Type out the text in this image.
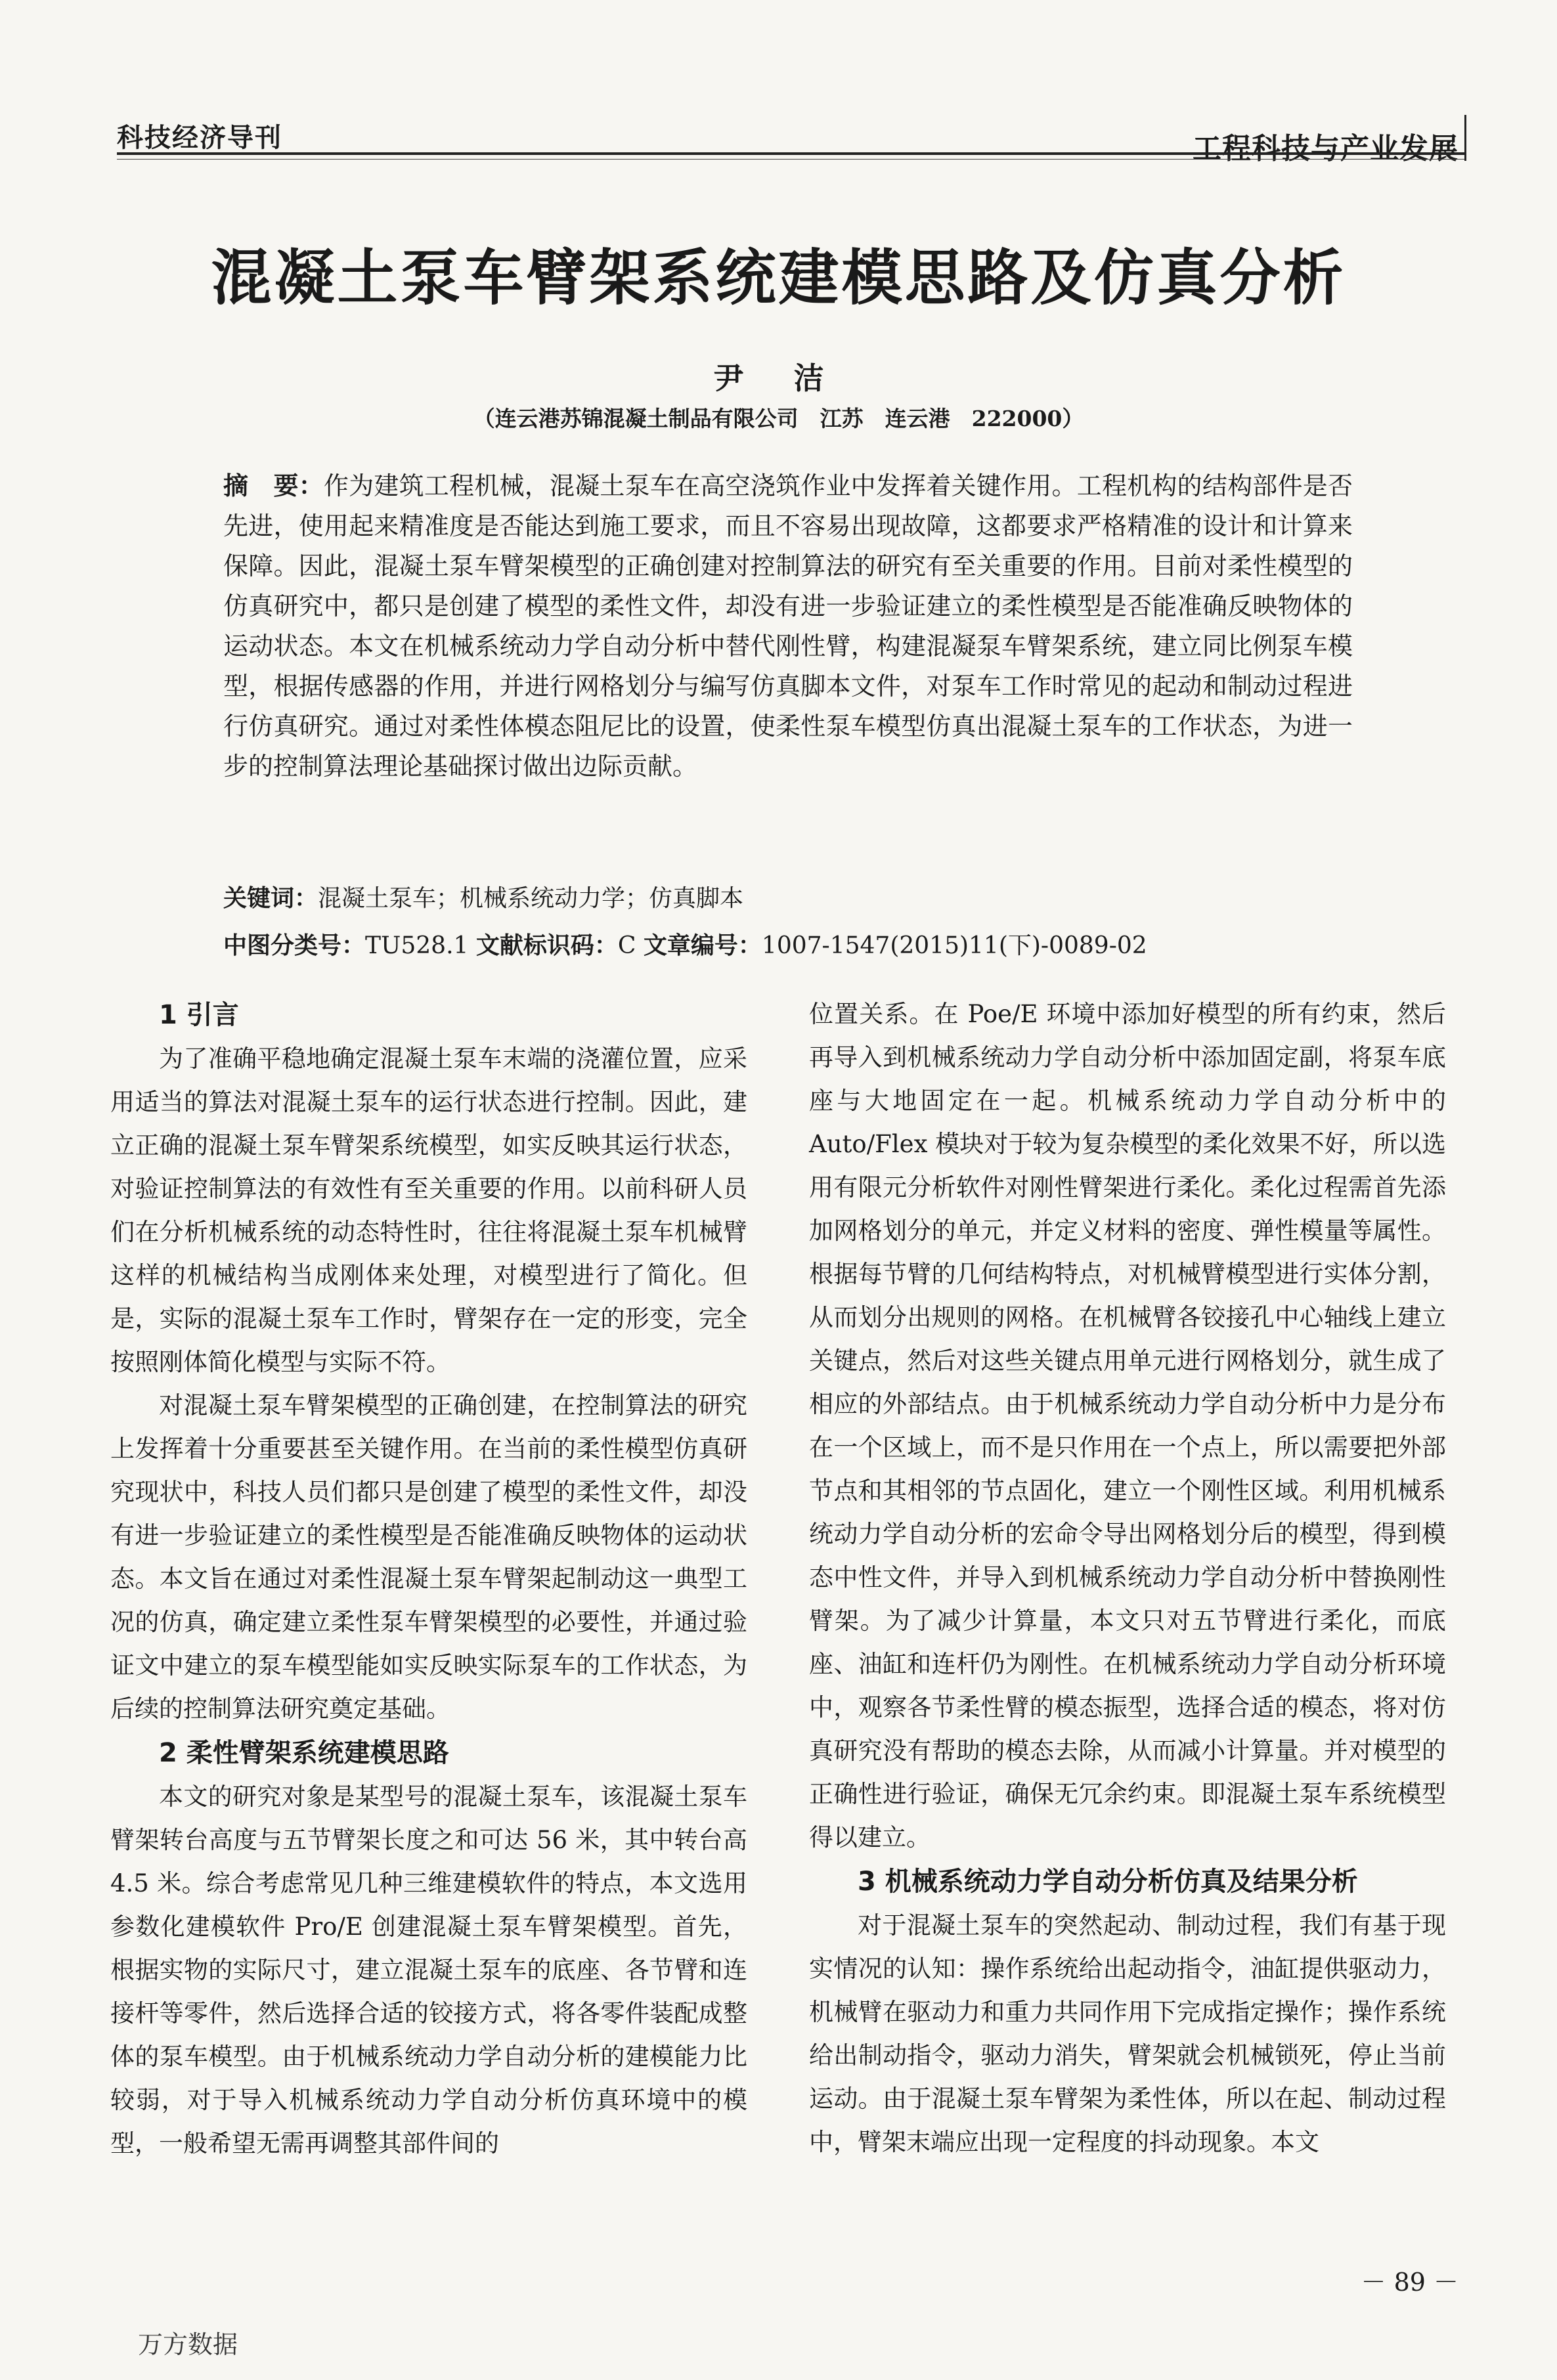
科技经济导刊	工程科技与产业发展
混凝土泵车臂架系统建模思路及仿真分析
尹 洁
（连云港苏锦混凝土制品有限公司　江苏　连云港　222000）
摘　要：作为建筑工程机械，混凝土泵车在高空浇筑作业中发挥着关键作用。工程机构的结构部件是否先进，使用起来精准度是否能达到施工要求，而且不容易出现故障，这都要求严格精准的设计和计算来保障。因此，混凝土泵车臂架模型的正确创建对控制算法的研究有至关重要的作用。目前对柔性模型的仿真研究中，都只是创建了模型的柔性文件，却没有进一步验证建立的柔性模型是否能准确反映物体的运动状态。本文在机械系统动力学自动分析中替代刚性臂，构建混凝泵车臂架系统，建立同比例泵车模型，根据传感器的作用，并进行网格划分与编写仿真脚本文件，对泵车工作时常见的起动和制动过程进行仿真研究。通过对柔性体模态阻尼比的设置，使柔性泵车模型仿真出混凝土泵车的工作状态，为进一步的控制算法理论基础探讨做出边际贡献。
关键词：混凝土泵车；机械系统动力学；仿真脚本
中图分类号：TU528.1 文献标识码：C 文章编号：1007-1547(2015)11(下)-0089-02
1 引言

为了准确平稳地确定混凝土泵车末端的浇灌位置，应采用适当的算法对混凝土泵车的运行状态进行控制。因此，建立正确的混凝土泵车臂架系统模型，如实反映其运行状态，对验证控制算法的有效性有至关重要的作用。以前科研人员们在分析机械系统的动态特性时，往往将混凝土泵车机械臂这样的机械结构当成刚体来处理，对模型进行了简化。但是，实际的混凝土泵车工作时，臂架存在一定的形变，完全按照刚体简化模型与实际不符。

对混凝土泵车臂架模型的正确创建，在控制算法的研究上发挥着十分重要甚至关键作用。在当前的柔性模型仿真研究现状中，科技人员们都只是创建了模型的柔性文件，却没有进一步验证建立的柔性模型是否能准确反映物体的运动状态。本文旨在通过对柔性混凝土泵车臂架起制动这一典型工况的仿真，确定建立柔性泵车臂架模型的必要性，并通过验证文中建立的泵车模型能如实反映实际泵车的工作状态，为后续的控制算法研究奠定基础。

2 柔性臂架系统建模思路

本文的研究对象是某型号的混凝土泵车，该混凝土泵车臂架转台高度与五节臂架长度之和可达 56 米，其中转台高 4.5 米。综合考虑常见几种三维建模软件的特点，本文选用参数化建模软件 Pro/E 创建混凝土泵车臂架模型。首先，根据实物的实际尺寸，建立混凝土泵车的底座、各节臂和连接杆等零件，然后选择合适的铰接方式，将各零件装配成整体的泵车模型。由于机械系统动力学自动分析的建模能力比较弱，对于导入机械系统动力学自动分析仿真环境中的模型，一般希望无需再调整其部件间的

位置关系。在 Poe/E 环境中添加好模型的所有约束，然后再导入到机械系统动力学自动分析中添加固定副，将泵车底座与大地固定在一起。机械系统动力学自动分析中的 Auto/Flex 模块对于较为复杂模型的柔化效果不好，所以选用有限元分析软件对刚性臂架进行柔化。柔化过程需首先添加网格划分的单元，并定义材料的密度、弹性模量等属性。根据每节臂的几何结构特点，对机械臂模型进行实体分割，从而划分出规则的网格。在机械臂各铰接孔中心轴线上建立关键点，然后对这些关键点用单元进行网格划分，就生成了相应的外部结点。由于机械系统动力学自动分析中力是分布在一个区域上，而不是只作用在一个点上，所以需要把外部节点和其相邻的节点固化，建立一个刚性区域。利用机械系统动力学自动分析的宏命令导出网格划分后的模型，得到模态中性文件，并导入到机械系统动力学自动分析中替换刚性臂架。为了减少计算量，本文只对五节臂进行柔化，而底座、油缸和连杆仍为刚性。在机械系统动力学自动分析环境中，观察各节柔性臂的模态振型，选择合适的模态，将对仿真研究没有帮助的模态去除，从而减小计算量。并对模型的正确性进行验证，确保无冗余约束。即混凝土泵车系统模型得以建立。

3 机械系统动力学自动分析仿真及结果分析

对于混凝土泵车的突然起动、制动过程，我们有基于现实情况的认知：操作系统给出起动指令，油缸提供驱动力，机械臂在驱动力和重力共同作用下完成指定操作；操作系统给出制动指令，驱动力消失，臂架就会机械锁死，停止当前运动。由于混凝土泵车臂架为柔性体，所以在起、制动过程中，臂架末端应出现一定程度的抖动现象。本文

－ 89 －
万方数据
